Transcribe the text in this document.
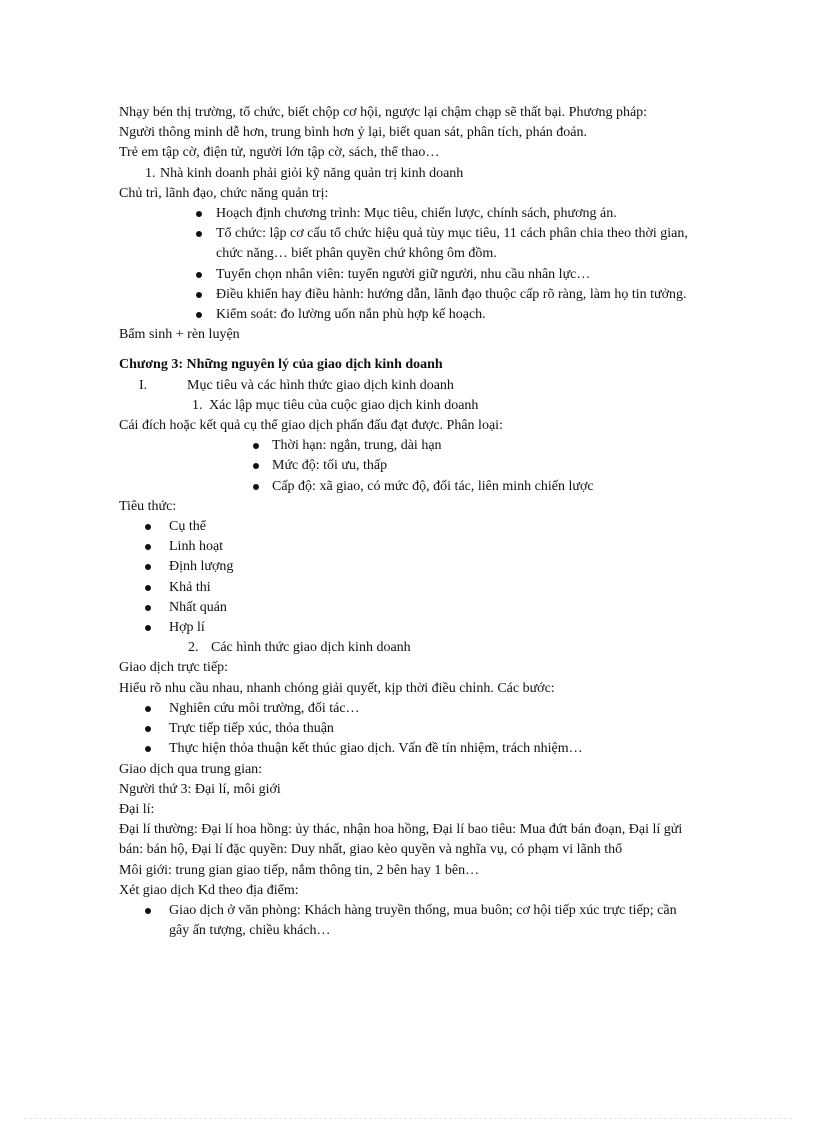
Nhạy bén thị trường, tổ chức, biết chộp cơ hội, ngược lại chậm chạp sẽ thất bại. Phương pháp:

Người thông minh dễ hơn, trung bình hơn ỷ lại, biết quan sát, phân tích, phán đoán.

Trẻ em tập cờ, điện tử, người lớn tập cờ, sách, thể thao…

1. Nhà kinh doanh phải giỏi kỹ năng quản trị kinh doanh

Chủ trì, lãnh đạo, chức năng quản trị:

Hoạch định chương trình: Mục tiêu, chiến lược, chính sách, phương án.
Tổ chức: lập cơ cấu tổ chức hiệu quả tùy mục tiêu, 11 cách phân chia theo thời gian, chức năng… biết phân quyền chứ không ôm đồm.
Tuyển chọn nhân viên: tuyển người giữ người, nhu cầu nhân lực…
Điều khiển hay điều hành: hướng dẫn, lãnh đạo thuộc cấp rõ ràng, làm họ tin tưởng.
Kiểm soát: đo lường uốn nắn phù hợp kế hoạch.

Bẩm sinh + rèn luyện

Chương 3: Những nguyên lý của giao dịch kinh doanh

I.	Mục tiêu và các hình thức giao dịch kinh doanh
1. Xác lập mục tiêu của cuộc giao dịch kinh doanh

Cái đích hoặc kết quả cụ thể giao dịch phấn đấu đạt được. Phân loại:

Thời hạn: ngắn, trung, dài hạn
Mức độ: tối ưu, thấp
Cấp độ: xã giao, có mức độ, đối tác, liên minh chiến lược

Tiêu thức:

Cụ thể
Linh hoạt
Định lượng
Khả thi
Nhất quán
Hợp lí
2. Các hình thức giao dịch kinh doanh

Giao dịch trực tiếp:

Hiểu rõ nhu cầu nhau, nhanh chóng giải quyết, kịp thời điều chỉnh. Các bước:

Nghiên cứu môi trường, đối tác…
Trực tiếp tiếp xúc, thỏa thuận
Thực hiện thỏa thuận kết thúc giao dịch. Vấn đề tín nhiệm, trách nhiệm…

Giao dịch qua trung gian:

Người thứ 3: Đại lí, môi giới

Đại lí:

Đại lí thường: Đại lí hoa hồng: ủy thác, nhận hoa hồng, Đại lí bao tiêu: Mua đứt bán đoạn, Đại lí gửi bán: bán hộ, Đại lí đặc quyền: Duy nhất, giao kèo quyền và nghĩa vụ, có phạm vi lãnh thổ

Môi giới: trung gian giao tiếp, nắm thông tin, 2 bên hay 1 bên…

Xét giao dịch Kd theo địa điểm:

Giao dịch ở văn phòng: Khách hàng truyền thống, mua buôn; cơ hội tiếp xúc trực tiếp; cần gây ấn tượng, chiều khách…
